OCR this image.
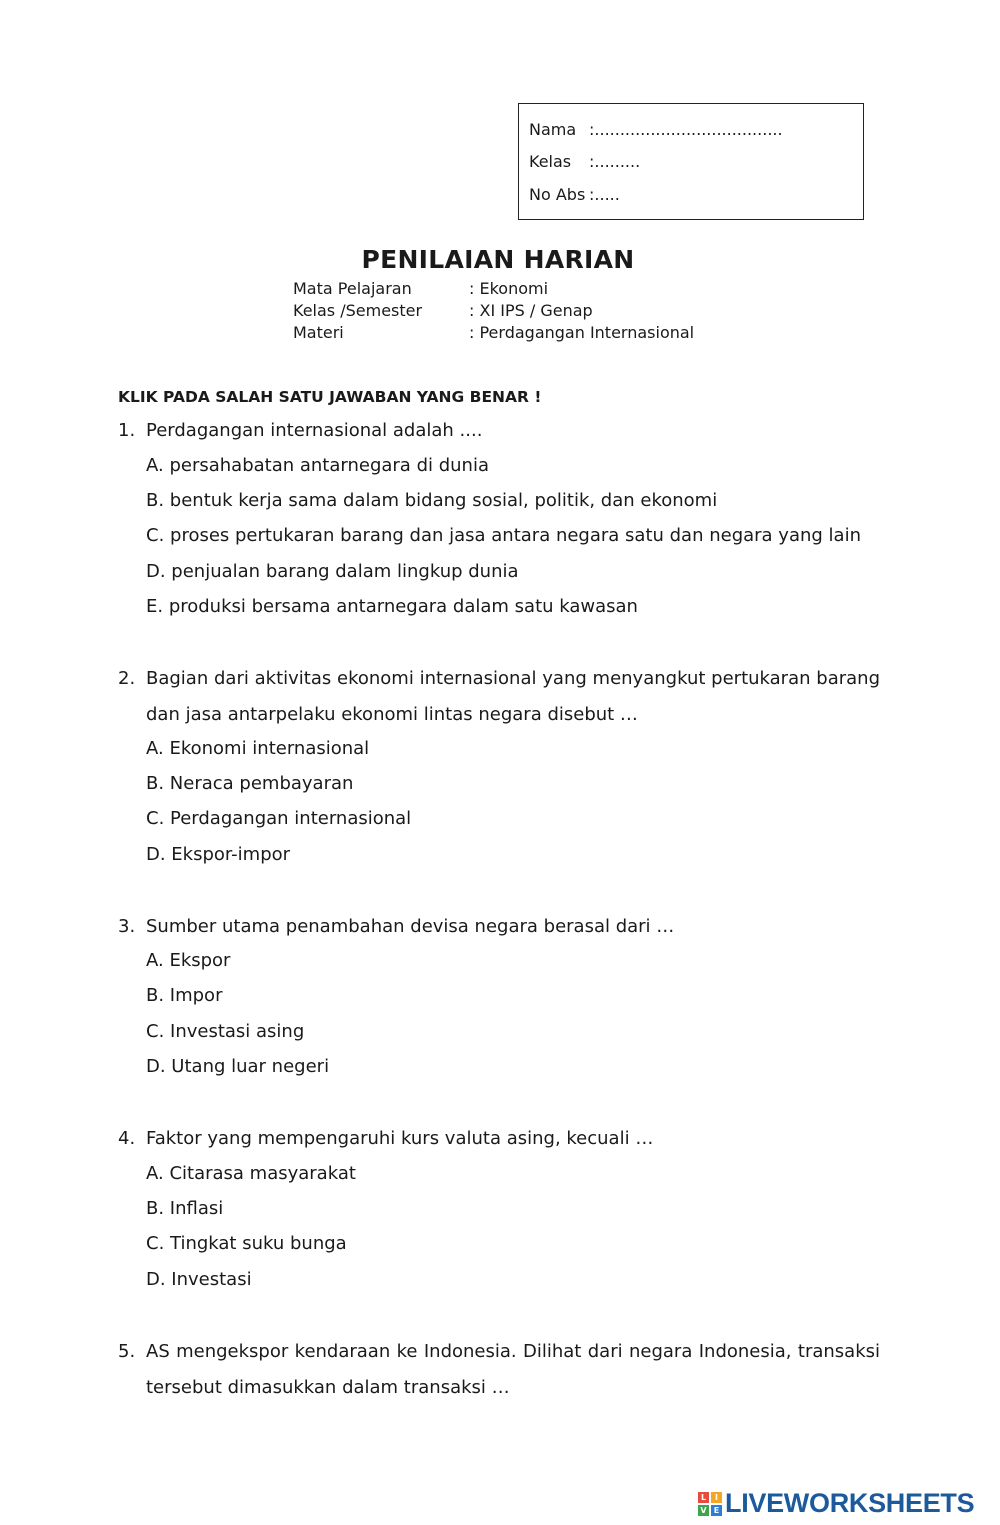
Nama :.....................................
Kelas	:.........
No Abs :.....
PENILAIAN HARIAN
Mata Pelajaran	: Ekonomi
Kelas /Semester	: XI IPS / Genap
Materi	: Perdagangan Internasional
KLIK PADA SALAH SATU JAWABAN YANG BENAR !
1. Perdagangan internasional adalah ....
A. persahabatan antarnegara di dunia
B. bentuk kerja sama dalam bidang sosial, politik, dan ekonomi
C. proses pertukaran barang dan jasa antara negara satu dan negara yang lain
D. penjualan barang dalam lingkup dunia
E. produksi bersama antarnegara dalam satu kawasan
2. Bagian dari aktivitas ekonomi internasional yang menyangkut pertukaran barang dan jasa antarpelaku ekonomi lintas negara disebut …
A. Ekonomi internasional
B. Neraca pembayaran
C. Perdagangan internasional
D. Ekspor-impor
3. Sumber utama penambahan devisa negara berasal dari …
A. Ekspor
B. Impor
C. Investasi asing
D. Utang luar negeri
4. Faktor yang mempengaruhi kurs valuta asing, kecuali …
A. Citarasa masyarakat
B. Inflasi
C. Tingkat suku bunga
D. Investasi
5. AS mengekspor kendaraan ke Indonesia. Dilihat dari negara Indonesia, transaksi tersebut dimasukkan dalam transaksi …
L	I
V E LIVEWORKSHEETS
